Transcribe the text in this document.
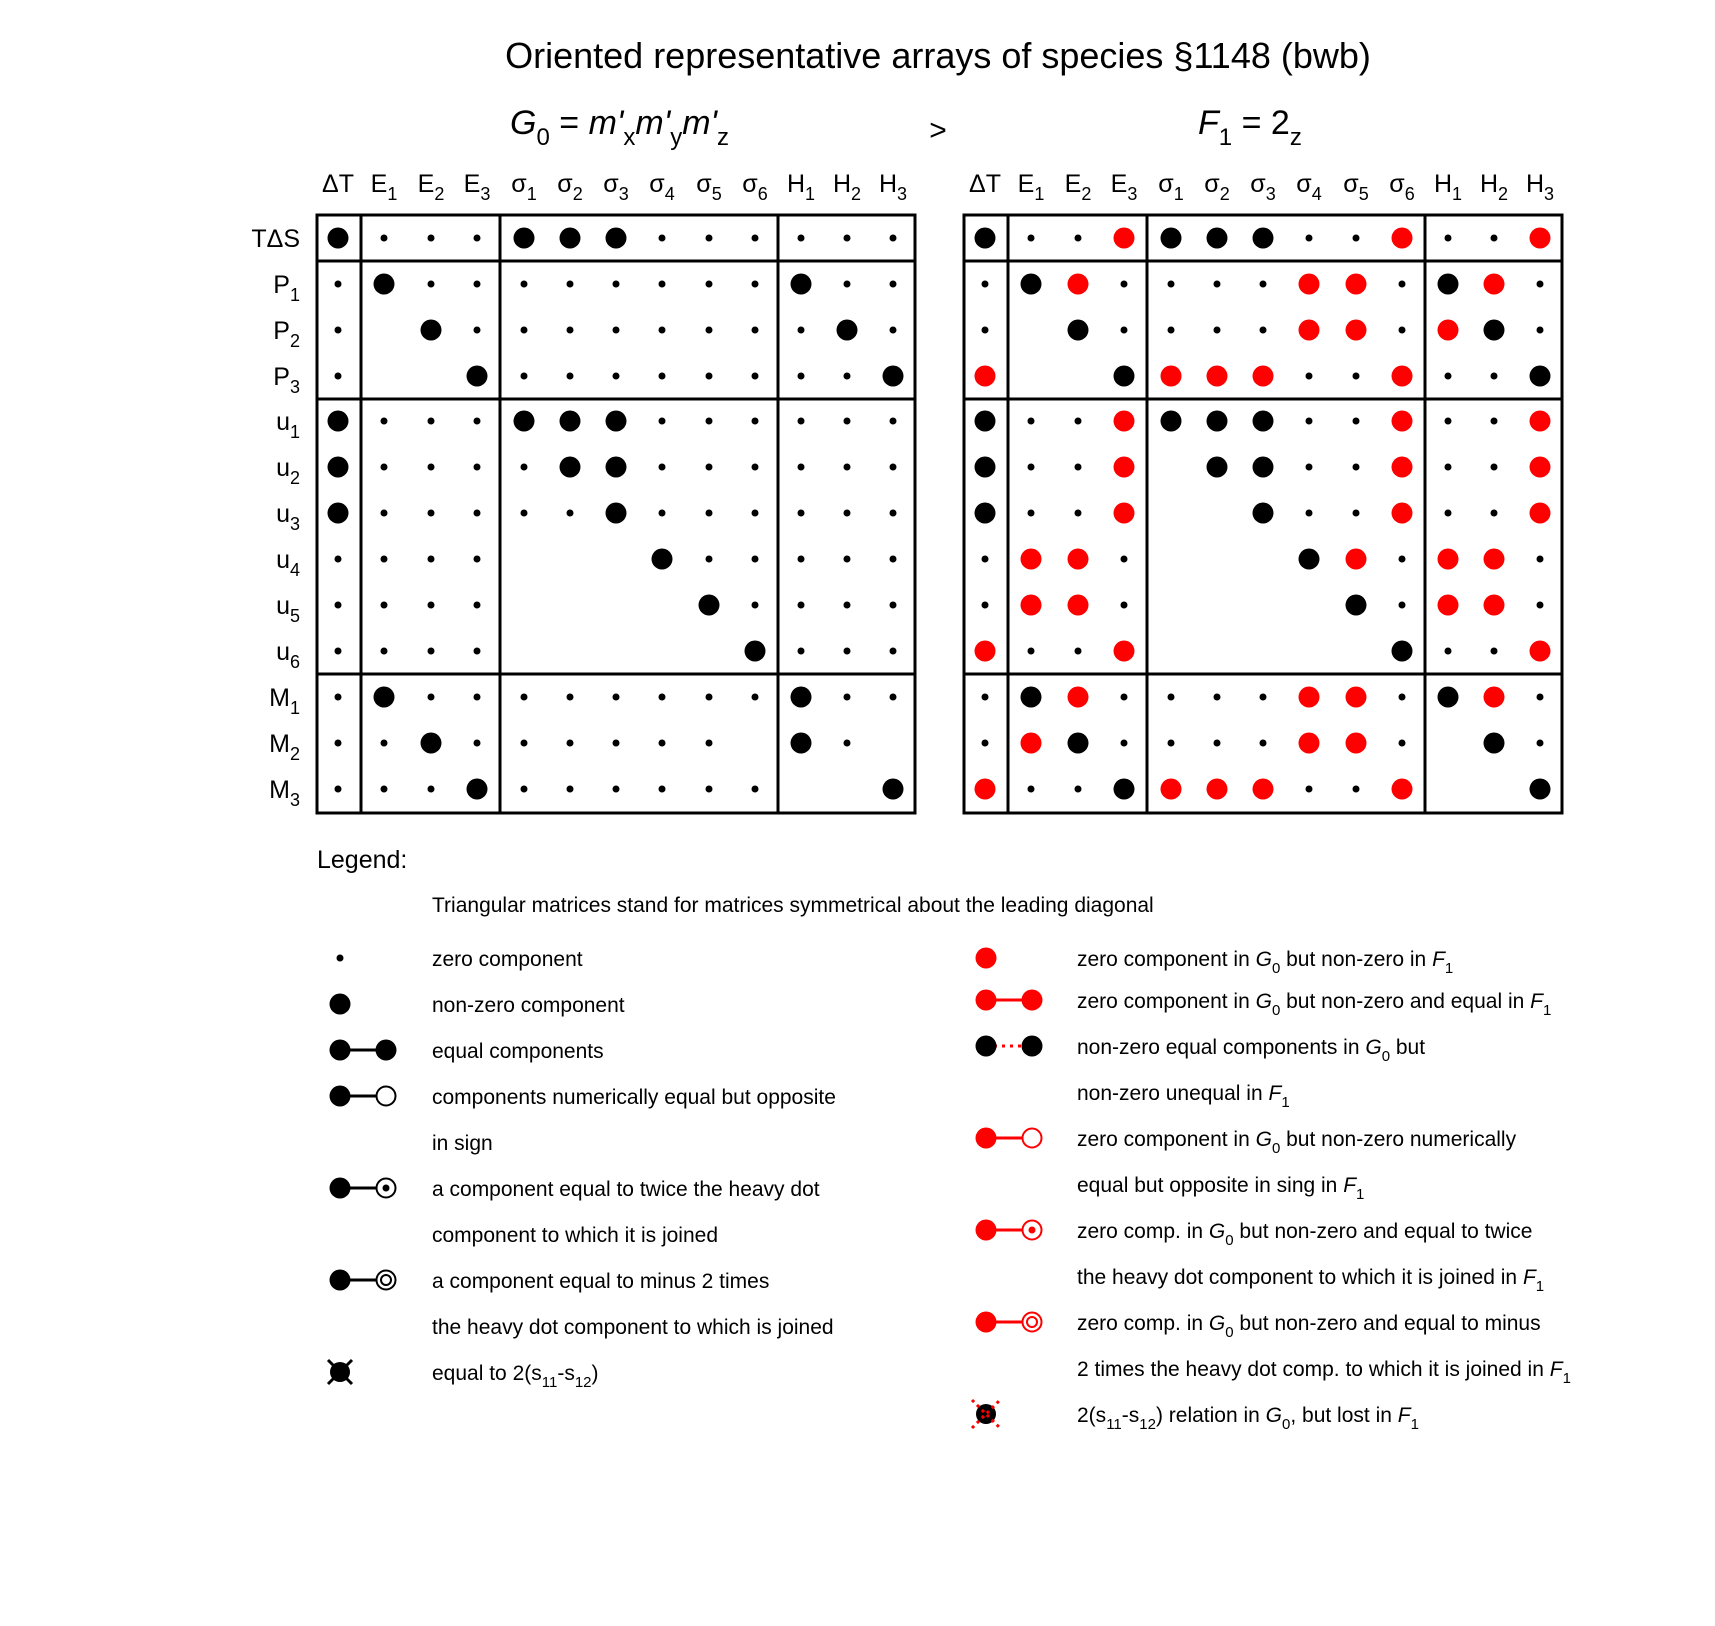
Oriented representative arrays of species §1148 (bwb)
$G_0 = m'_xm'_ym'_z$	>	$F_1 = 2_z$
ΔT $E_1$ $E_2$ $E_3$ $\sigma_1$ $\sigma_2$ $\sigma_3$ $\sigma_4$ $\sigma_5$ $\sigma_6$ $H_1$ $H_2$ $H_3$ ΔT $E_1$ $E_2$ $E_3$ $\sigma_1$ $\sigma_2$ $\sigma_3$ $\sigma_4$ $\sigma_5$ $\sigma_6$ $H_1$ $H_2$ $H_3$
TΔS
$P_1$
$P_2$
$P_3$
$u_1$
$u_2$
$u_3$
$u_4$
$u_5$
$u_6$
$M_1$
$M_2$
$M_3$
Legend:
Triangular matrices stand for matrices symmetrical about the leading diagonal
zero component
non-zero component
equal components
components numerically equal but opposite
in sign
a component equal to twice the heavy dot
component to which it is joined
a component equal to minus 2 times
the heavy dot component to which is joined
equal to $2(s_{11}-s_{12})$
zero component in $G_0$ but non-zero in $F_1$
zero component in $G_0$ but non-zero and equal in $F_1$
non-zero equal components in $G_0$ but
non-zero unequal in $F_1$
zero component in $G_0$ but non-zero numerically
equal but opposite in sing in $F_1$
zero comp. in $G_0$ but non-zero and equal to twice
the heavy dot component to which it is joined in $F_1$
zero comp. in $G_0$ but non-zero and equal to minus
2 times the heavy dot comp. to which it is joined in $F_1$
$2(s_{11}-s_{12})$ relation in $G_0$, but lost in $F_1$
